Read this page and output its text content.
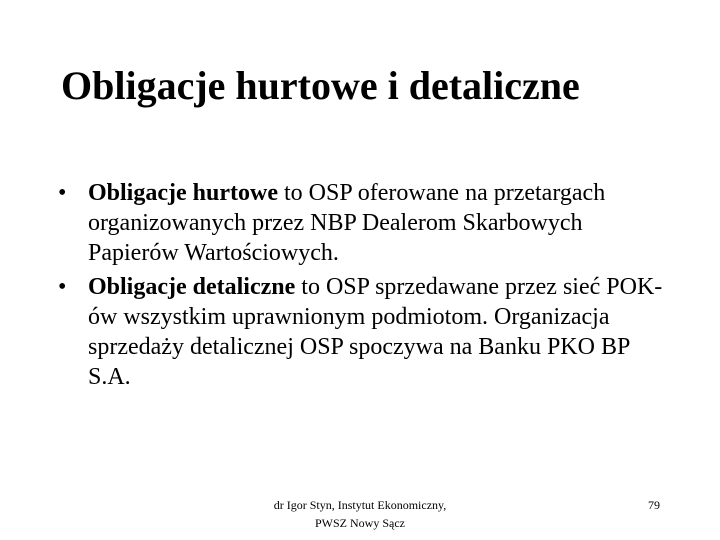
Obligacje hurtowe i detaliczne
• Obligacje hurtowe to OSP oferowane na przetargach organizowanych przez NBP Dealerom Skarbowych Papierów Wartościowych.
• Obligacje detaliczne to OSP sprzedawane przez sieć POK-ów wszystkim uprawnionym podmiotom. Organizacja sprzedaży detalicznej OSP spoczywa na Banku PKO BP S.A.
dr Igor Styn, Instytut Ekonomiczny,
PWSZ Nowy Sącz
79
